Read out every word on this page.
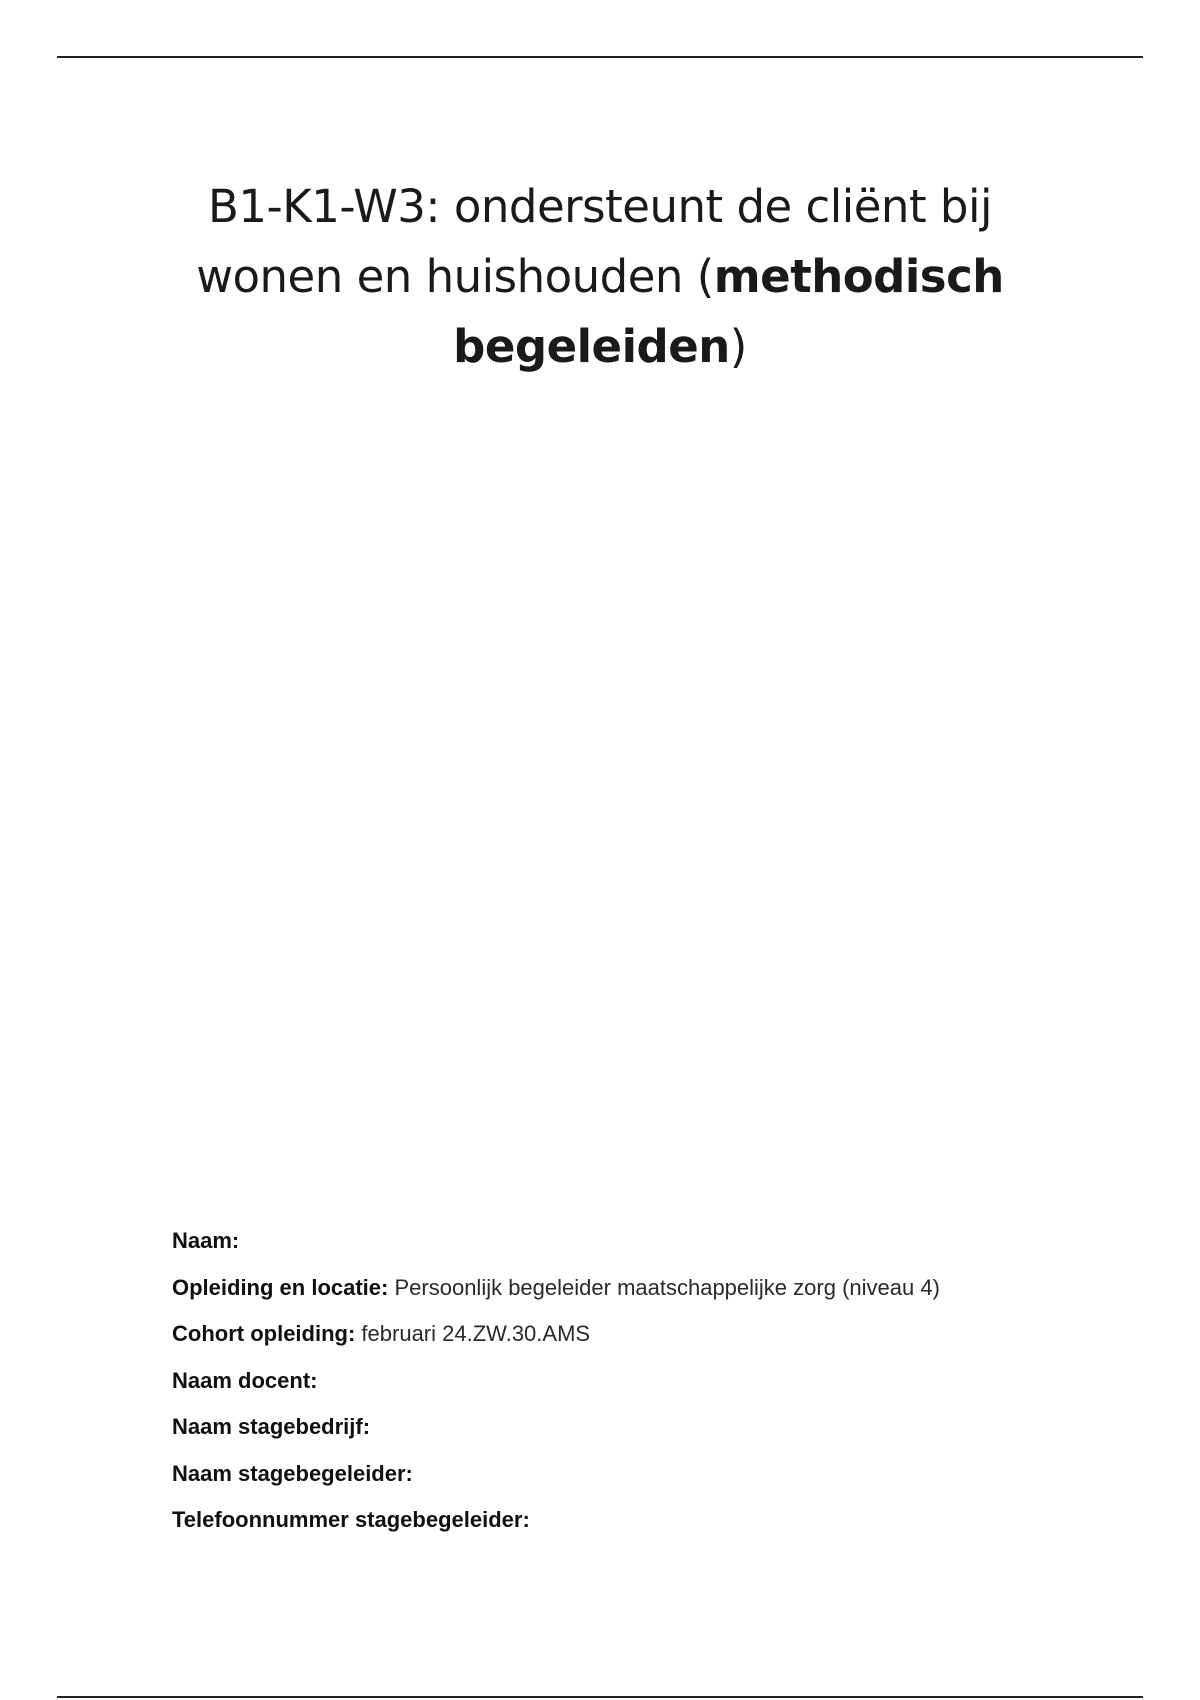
B1-K1-W3: ondersteunt de cliënt bij wonen en huishouden (methodisch begeleiden)
Naam:
Opleiding en locatie: Persoonlijk begeleider maatschappelijke zorg (niveau 4)
Cohort opleiding: februari 24.ZW.30.AMS
Naam docent:
Naam stagebedrijf:
Naam stagebegeleider:
Telefoonnummer stagebegeleider:
